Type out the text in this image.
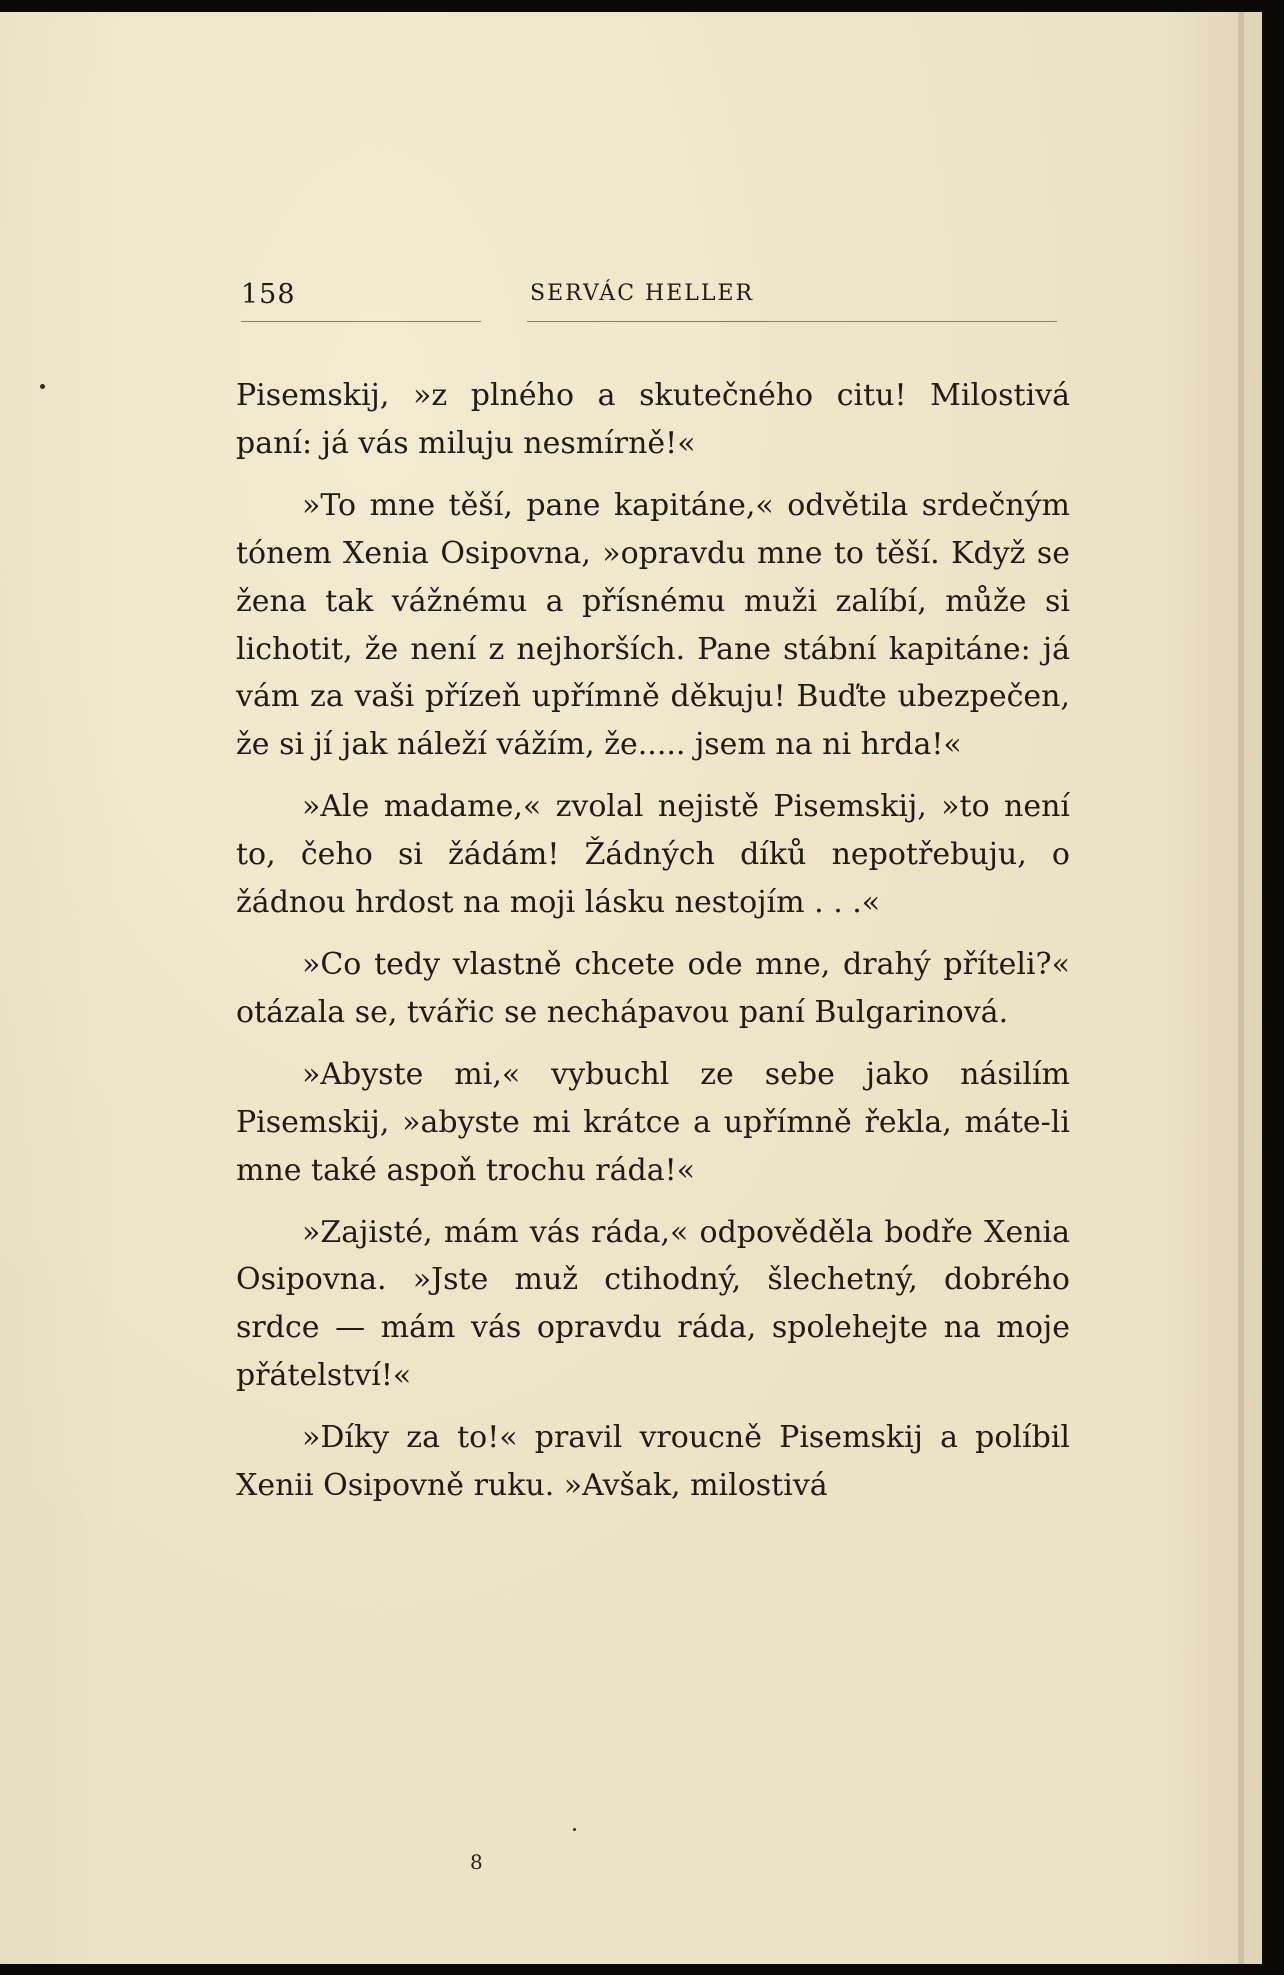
158	SERVÁC HELLER

Pisemskij, »z plného a skutečného citu! Milostivá paní: já vás miluju nesmírně!«

»To mne těší, pane kapitáne,« odvětila srdečným tónem Xenia Osipovna, »opravdu mne to těší. Když se žena tak vážnému a přísnému muži zalíbí, může si lichotit, že není z nejhorších. Pane stábní kapitáne: já vám za vaši přízeň upřímně děkuju! Buďte ubezpečen, že si jí jak náleží vážím, že..... jsem na ni hrda!«

»Ale madame,« zvolal nejistě Pisemskij, »to není to, čeho si žádám! Žádných díků nepotřebuju, o žádnou hrdost na moji lásku nestojím . . .«

»Co tedy vlastně chcete ode mne, drahý příteli?« otázala se, tvářic se nechápavou paní Bulgarinová.

»Abyste mi,« vybuchl ze sebe jako násilím Pisemskij, »abyste mi krátce a upřímně řekla, máte-li mne také aspoň trochu ráda!«

»Zajisté, mám vás ráda,« odpověděla bodře Xenia Osipovna. »Jste muž ctihodný, šlechetný, dobrého srdce — mám vás opravdu ráda, spolehejte na moje přátelství!«

»Díky za to!« pravil vroucně Pisemskij a políbil Xenii Osipovně ruku. »Avšak, milostivá

8
